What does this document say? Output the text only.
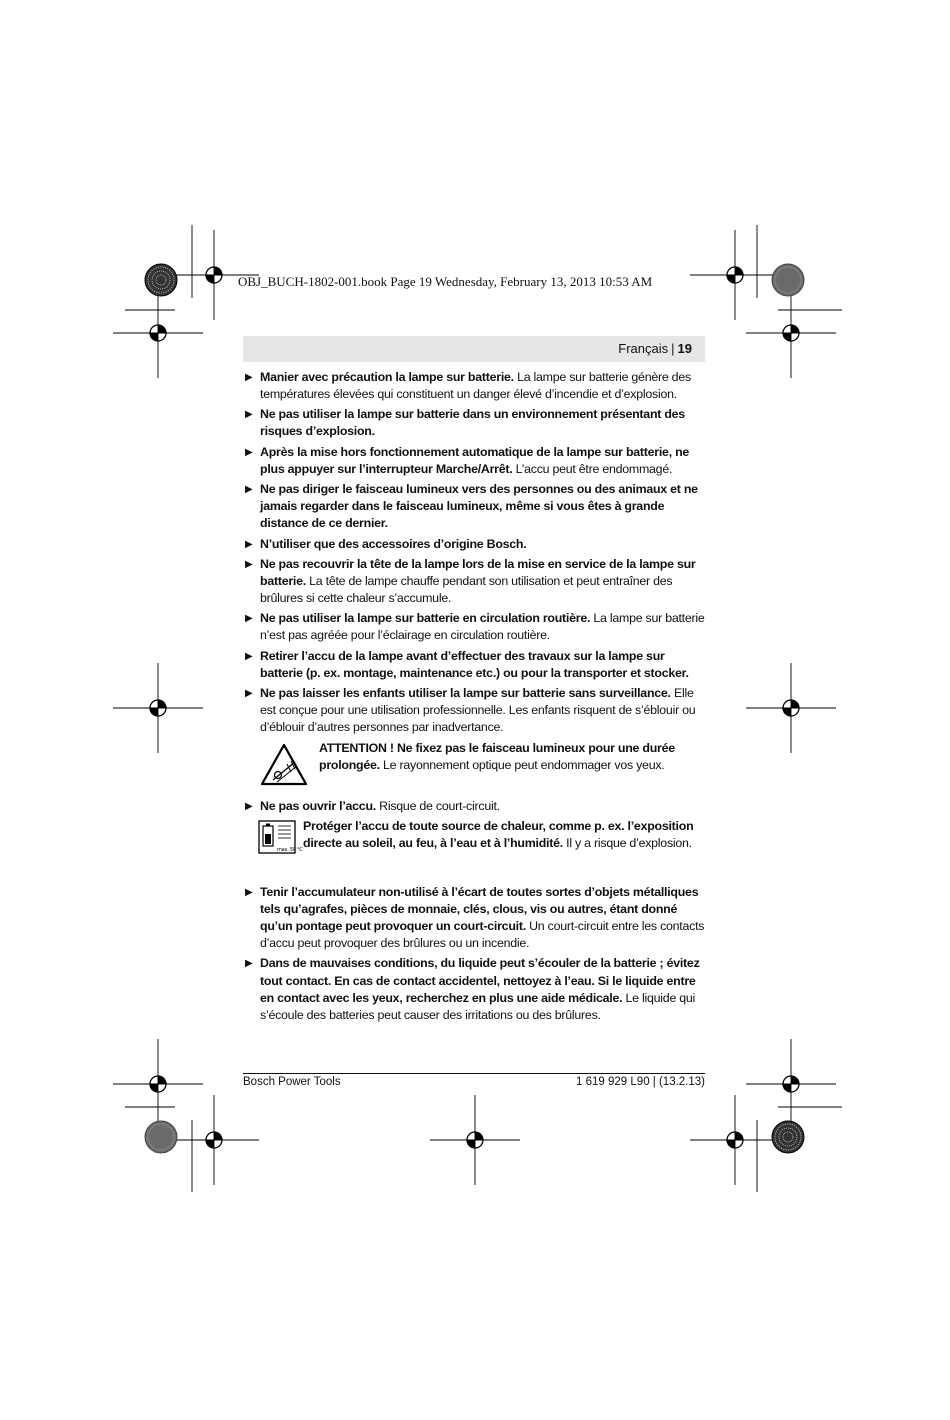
OBJ_BUCH-1802-001.book Page 19 Wednesday, February 13, 2013 10:53 AM
Français | 19
▶ Manier avec précaution la lampe sur batterie. La lampe sur batterie génère des températures élevées qui constituent un danger élevé d’incendie et d’explosion.
▶ Ne pas utiliser la lampe sur batterie dans un environnement présentant des risques d’explosion.
▶ Après la mise hors fonctionnement automatique de la lampe sur batterie, ne plus appuyer sur l’interrupteur Marche/Arrêt. L’accu peut être endommagé.
▶ Ne pas diriger le faisceau lumineux vers des personnes ou des animaux et ne jamais regarder dans le faisceau lumineux, même si vous êtes à grande distance de ce dernier.
▶ N’utiliser que des accessoires d’origine Bosch.
▶ Ne pas recouvrir la tête de la lampe lors de la mise en service de la lampe sur batterie. La tête de lampe chauffe pendant son utilisation et peut entraîner des brûlures si cette chaleur s’accumule.
▶ Ne pas utiliser la lampe sur batterie en circulation routière. La lampe sur batterie n’est pas agréée pour l’éclairage en circulation routière.
▶ Retirer l’accu de la lampe avant d’effectuer des travaux sur la lampe sur batterie (p. ex. montage, maintenance etc.) ou pour la transporter et stocker.
▶ Ne pas laisser les enfants utiliser la lampe sur batterie sans surveillance. Elle est conçue pour une utilisation professionnelle. Les enfants risquent de s’éblouir ou d’éblouir d’autres personnes par inadvertance.
ATTENTION ! Ne fixez pas le faisceau lumineux pour une durée prolongée. Le rayonnement optique peut endommager vos yeux.
▶ Ne pas ouvrir l’accu. Risque de court-circuit.
max. 50 °C
Protéger l’accu de toute source de chaleur, comme p. ex. l’exposition directe au soleil, au feu, à l’eau et à l’humidité. Il y a risque d’explosion.
▶ Tenir l’accumulateur non-utilisé à l’écart de toutes sortes d’objets métalliques tels qu’agrafes, pièces de monnaie, clés, clous, vis ou autres, étant donné qu’un pontage peut provoquer un court-circuit. Un court-circuit entre les contacts d’accu peut provoquer des brûlures ou un incendie.
▶ Dans de mauvaises conditions, du liquide peut s’écouler de la batterie ; évitez tout contact. En cas de contact accidentel, nettoyez à l’eau. Si le liquide entre en contact avec les yeux, recherchez en plus une aide médicale. Le liquide qui s’écoule des batteries peut causer des irritations ou des brûlures.
Bosch Power Tools	1 619 929 L90 | (13.2.13)
